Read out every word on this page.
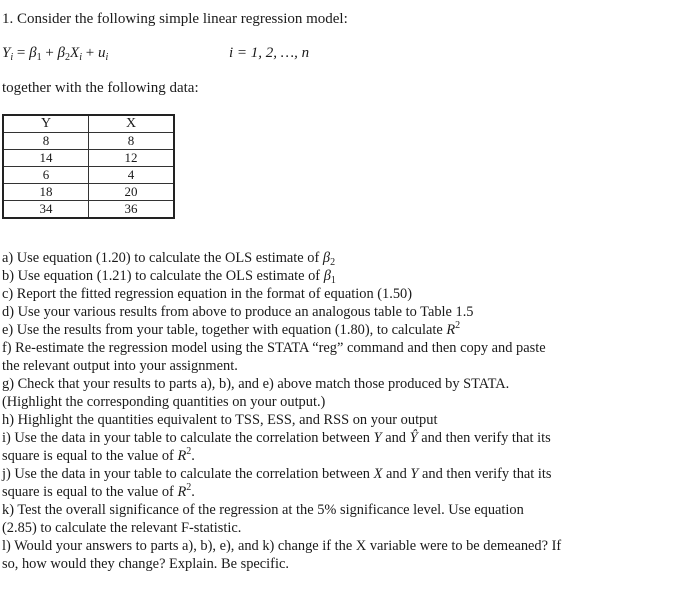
1. Consider the following simple linear regression model:
$Y_i = \beta_1 + \beta_2X_i + u_i$	i = 1, 2, …, n
together with the following data:
Y	X
8	8
14	12
6	4
18	20
34	36
a) Use equation (1.20) to calculate the OLS estimate of $\beta_2$
b) Use equation (1.21) to calculate the OLS estimate of $\beta_1$
c) Report the fitted regression equation in the format of equation (1.50)
d) Use your various results from above to produce an analogous table to Table 1.5
e) Use the results from your table, together with equation (1.80), to calculate $R^2$
f) Re-estimate the regression model using the STATA “reg” command and then copy and paste
the relevant output into your assignment.
g) Check that your results to parts a), b), and e) above match those produced by STATA.
(Highlight the corresponding quantities on your output.)
h) Highlight the quantities equivalent to TSS, ESS, and RSS on your output
i) Use the data in your table to calculate the correlation between Y and Ŷ and then verify that its
square is equal to the value of $R^2$.
j) Use the data in your table to calculate the correlation between X and Y and then verify that its
square is equal to the value of $R^2$.
k) Test the overall significance of the regression at the 5% significance level. Use equation
(2.85) to calculate the relevant F-statistic.
l) Would your answers to parts a), b), e), and k) change if the X variable were to be demeaned? If
so, how would they change? Explain. Be specific.
